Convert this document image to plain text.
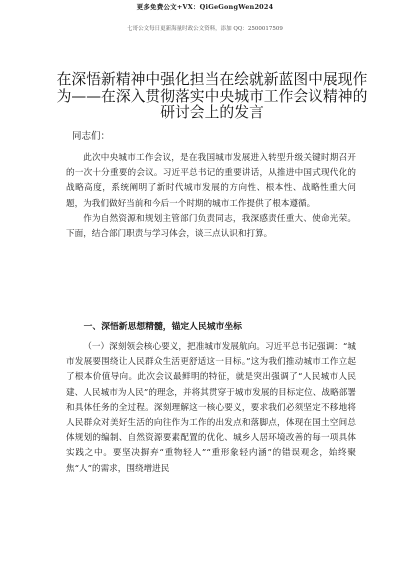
更多免费公文+VX：QiGeGongWen2024
七哥公文每日更新海量时政公文资料，添加 QQ：2500017509
在深悟新精神中强化担当在绘就新蓝图中展现作为——在深入贯彻落实中央城市工作会议精神的研讨会上的发言

同志们：

此次中央城市工作会议，是在我国城市发展进入转型升级关键时期召开的一次十分重要的会议。习近平总书记的重要讲话，从推进中国式现代化的战略高度，系统阐明了新时代城市发展的方向性、根本性、战略性重大问题，为我们做好当前和今后一个时期的城市工作提供了根本遵循。

作为自然资源和规划主管部门负责同志，我深感责任重大、使命光荣。下面，结合部门职责与学习体会，谈三点认识和打算。

一、深悟新思想精髓，锚定人民城市坐标

（一）深刻领会核心要义，把准城市发展航向。习近平总书记强调：“城市发展要围绕让人民群众生活更舒适这一目标。”这为我们推动城市工作立起了根本价值导向。此次会议最鲜明的特征，就是突出强调了“人民城市人民建、人民城市为人民”的理念，并将其贯穿于城市发展的目标定位、战略部署和具体任务的全过程。深刻理解这一核心要义，要求我们必须坚定不移地将人民群众对美好生活的向往作为工作的出发点和落脚点，体现在国土空间总体规划的编制、自然资源要素配置的优化、城乡人居环境改善的每一项具体实践之中。要坚决摒弃“重物轻人”“重形象轻内涵”的错误观念，始终聚焦“人”的需求，围绕增进民
